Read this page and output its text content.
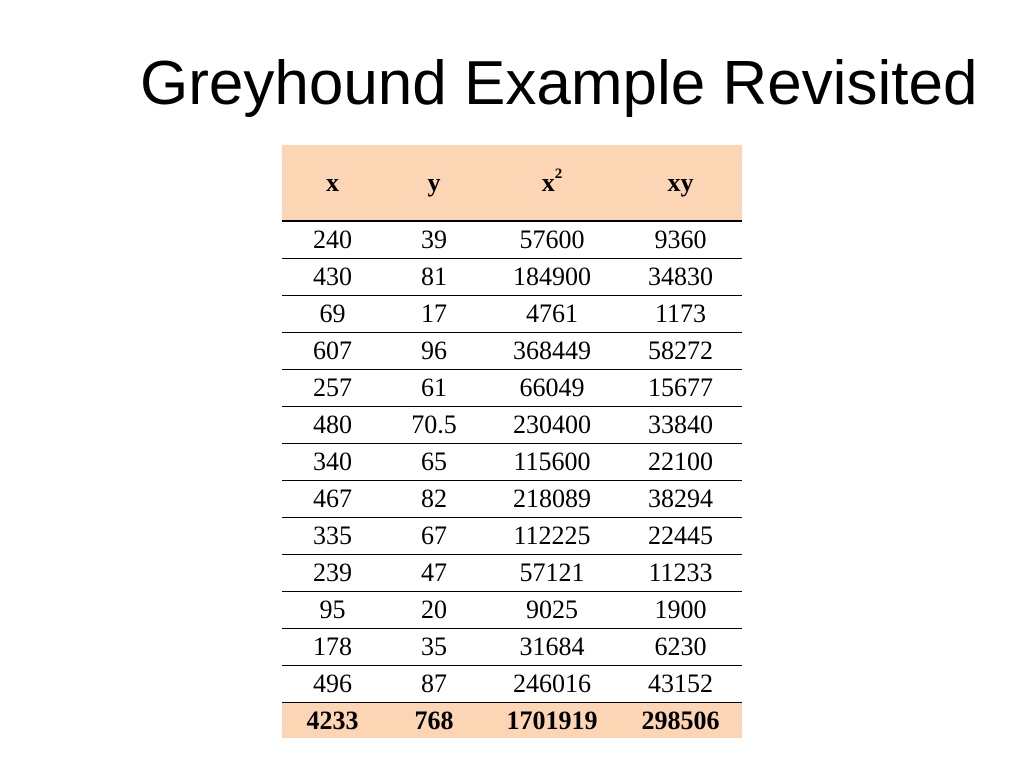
Greyhound Example Revisited
x	y	$x^2$	xy
240	39	57600	9360
430	81	184900	34830
69	17	4761	1173
607	96	368449	58272
257	61	66049	15677
480	70.5	230400	33840
340	65	115600	22100
467	82	218089	38294
335	67	112225	22445
239	47	57121	11233
95	20	9025	1900
178	35	31684	6230
496	87	246016	43152
4233	768	1701919	298506
